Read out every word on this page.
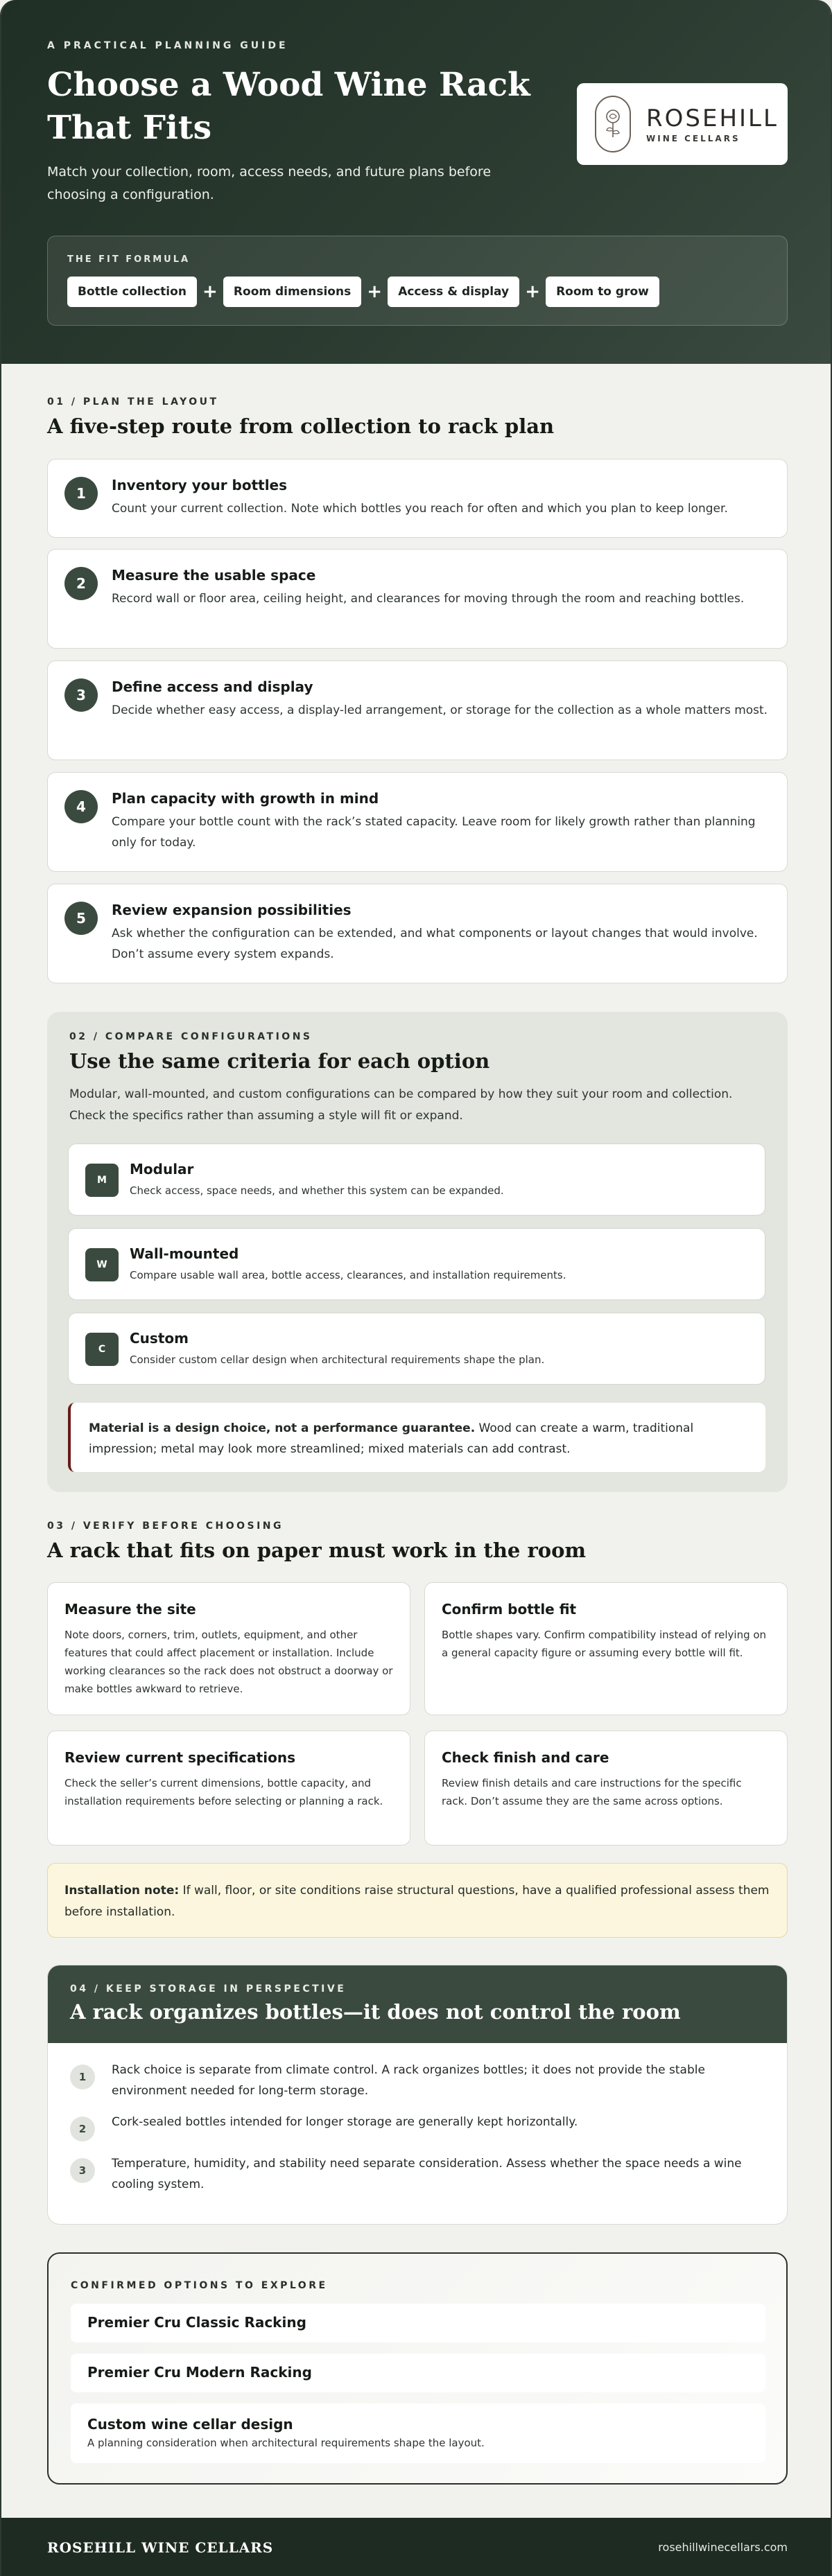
A PRACTICAL PLANNING GUIDE
Choose a Wood Wine Rack That Fits

Match your collection, room, access needs, and future plans before choosing a configuration.

ROSEHILL
WINE CELLARS
THE FIT FORMULA
Bottle collection +	Room dimensions +	Access & display +	Room to grow
01 / PLAN THE LAYOUT
A five-step route from collection to rack plan
1	Inventory your bottles
Count your current collection. Note which bottles you reach for often and which you plan to keep longer.
2	Measure the usable space
Record wall or floor area, ceiling height, and clearances for moving through the room and reaching bottles.
3	Define access and display
Decide whether easy access, a display-led arrangement, or storage for the collection as a whole matters most.
4	Plan capacity with growth in mind
Compare your bottle count with the rack’s stated capacity. Leave room for likely growth rather than planning only for today.
5	Review expansion possibilities
Ask whether the configuration can be extended, and what components or layout changes that would involve. Don’t assume every system expands.
02 / COMPARE CONFIGURATIONS
Use the same criteria for each option

Modular, wall-mounted, and custom configurations can be compared by how they suit your room and collection. Check the specifics rather than assuming a style will fit or expand.

M
Modular
Check access, space needs, and whether this system can be expanded.
W
Wall-mounted
Compare usable wall area, bottle access, clearances, and installation requirements.
C
Custom
Consider custom cellar design when architectural requirements shape the plan.
Material is a design choice, not a performance guarantee. Wood can create a warm, traditional impression; metal may look more streamlined; mixed materials can add contrast.
03 / VERIFY BEFORE CHOOSING
A rack that fits on paper must work in the room
Measure the site
Note doors, corners, trim, outlets, equipment, and other features that could affect placement or installation. Include working clearances so the rack does not obstruct a doorway or make bottles awkward to retrieve.
Confirm bottle fit
Bottle shapes vary. Confirm compatibility instead of relying on a general capacity figure or assuming every bottle will fit.
Review current specifications
Check the seller’s current dimensions, bottle capacity, and installation requirements before selecting or planning a rack.
Check finish and care
Review finish details and care instructions for the specific rack. Don’t assume they are the same across options.
Installation note: If wall, floor, or site conditions raise structural questions, have a qualified professional assess them before installation.
04 / KEEP STORAGE IN PERSPECTIVE
A rack organizes bottles—it does not control the room
1	Rack choice is separate from climate control. A rack organizes bottles; it does not provide the stable environment needed for long-term storage.
2	Cork-sealed bottles intended for longer storage are generally kept horizontally.
3	Temperature, humidity, and stability need separate consideration. Assess whether the space needs a wine cooling system.
CONFIRMED OPTIONS TO EXPLORE
Premier Cru Classic Racking
Premier Cru Modern Racking
Custom wine cellar design
A planning consideration when architectural requirements shape the layout.
ROSEHILL WINE CELLARS	rosehillwinecellars.com
